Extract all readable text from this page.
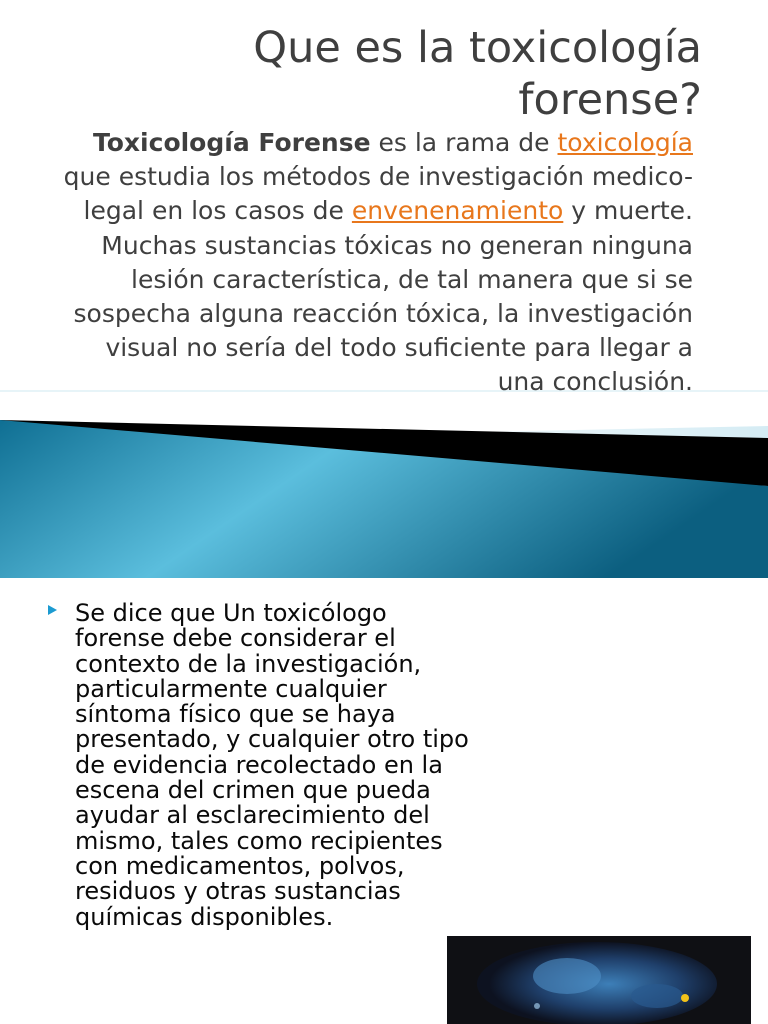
Que es la toxicología forense?

Toxicología Forense es la rama de toxicología que estudia los métodos de investigación medico-legal en los casos de envenenamiento y muerte. Muchas sustancias tóxicas no generan ninguna lesión característica, de tal manera que si se sospecha alguna reacción tóxica, la investigación visual no sería del todo suficiente para llegar a una conclusión.

Se dice que Un toxicólogo forense debe considerar el contexto de la investigación, particularmente cualquier síntoma físico que se haya presentado, y cualquier otro tipo de evidencia recolectado en la escena del crimen que pueda ayudar al esclarecimiento del mismo, tales como recipientes con medicamentos, polvos, residuos y otras sustancias químicas disponibles.
